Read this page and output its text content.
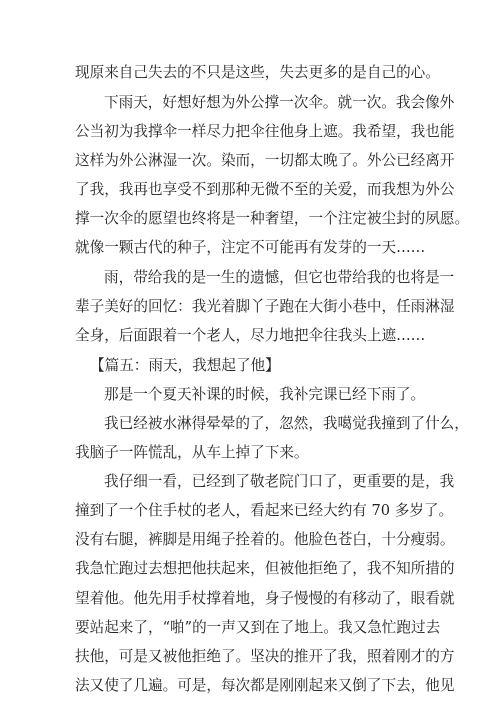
现原来自己失去的不只是这些，失去更多的是自己的心。
下雨天，好想好想为外公撑一次伞。就一次。我会像外
公当初为我撑伞一样尽力把伞往他身上遮。我希望，我也能
这样为外公淋湿一次。染而，一切都太晚了。外公已经离开
了我，我再也享受不到那种无微不至的关爱，而我想为外公
撑一次伞的愿望也终将是一种奢望，一个注定被尘封的夙愿。
就像一颗古代的种子，注定不可能再有发芽的一天……
雨，带给我的是一生的遗憾，但它也带给我的也将是一
辈子美好的回忆：我光着脚丫子跑在大街小巷中，任雨淋湿
全身，后面跟着一个老人，尽力地把伞往我头上遮……
【篇五：雨天，我想起了他】
那是一个夏天补课的时候，我补完课已经下雨了。
我已经被水淋得晕晕的了，忽然，我噶觉我撞到了什么，
我脑子一阵慌乱，从车上掉了下来。
我仔细一看，已经到了敬老院门口了，更重要的是，我
撞到了一个住手杖的老人，看起来已经大约有 70 多岁了。
没有右腿，裤脚是用绳子拴着的。他脸色苍白，十分瘦弱。
我急忙跑过去想把他扶起来，但被他拒绝了，我不知所措的
望着他。他先用手杖撑着地，身子慢慢的有移动了，眼看就
要站起来了，“啪”的一声又到在了地上。我又急忙跑过去
扶他，可是又被他拒绝了。坚决的推开了我，照着刚才的方
法又使了几遍。可是，每次都是刚刚起来又倒了下去，他见
